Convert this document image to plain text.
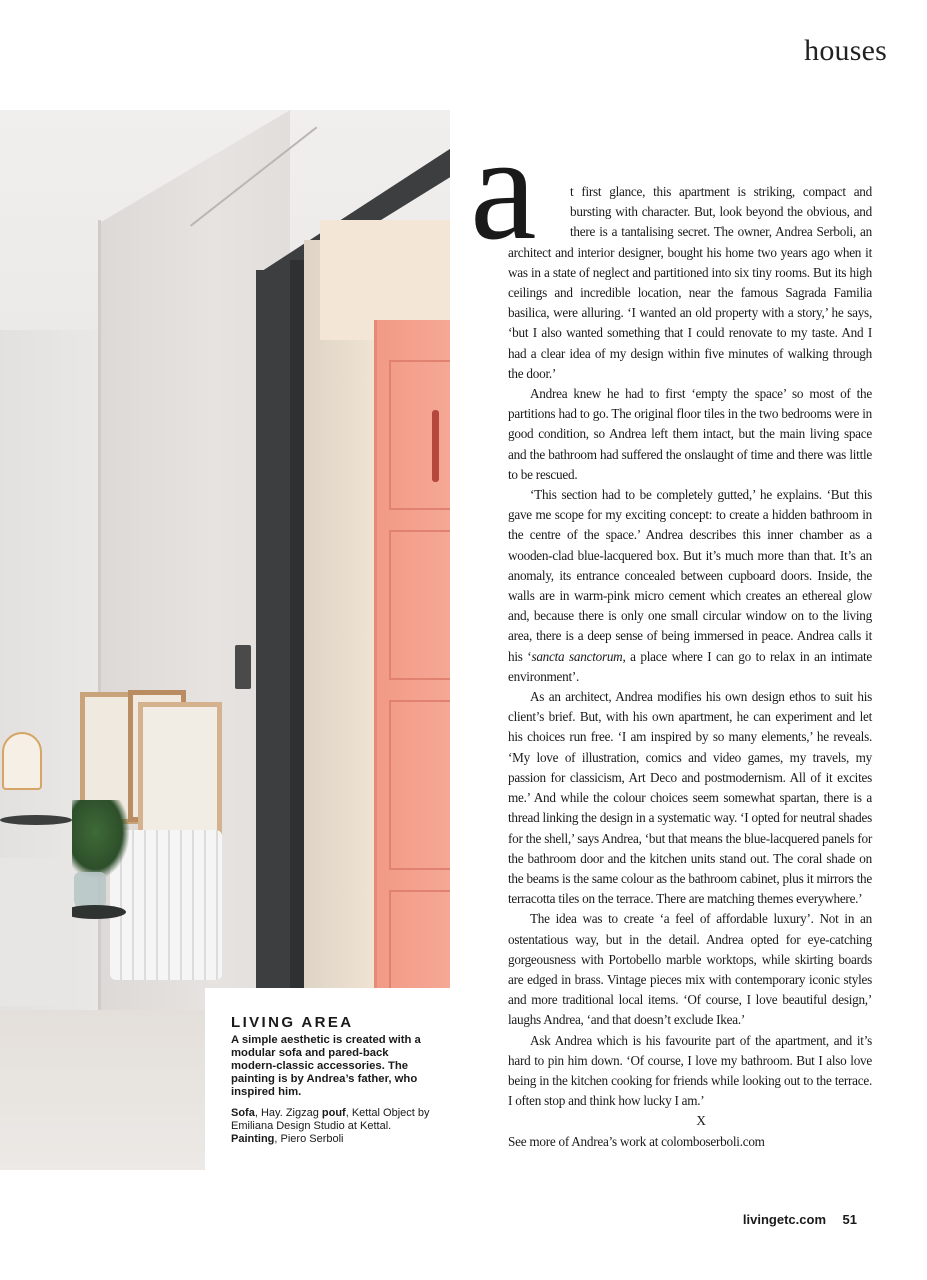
houses
LIVING AREA
A simple aesthetic is created with a modular sofa and pared-back modern-classic accessories. The painting is by Andrea’s father, who inspired him.
Sofa, Hay. Zigzag pouf, Kettal Object by Emiliana Design Studio at Kettal. Painting, Piero Serboli
a	t first glance, this apartment is striking, compact and bursting with character. But, look beyond the obvious, and there is a tantalising secret. The owner, Andrea Serboli, an architect and interior designer, bought his home two years ago when it was in a state of neglect and partitioned into six tiny rooms. But its high ceilings and incredible location, near the famous Sagrada Familia basilica, were alluring. ‘I wanted an old property with a story,’ he says, ‘but I also wanted something that I could renovate to my taste. And I had a clear idea of my design within five minutes of walking through the door.’

Andrea knew he had to first ‘empty the space’ so most of the partitions had to go. The original floor tiles in the two bedrooms were in good condition, so Andrea left them intact, but the main living space and the bathroom had suffered the onslaught of time and there was little to be rescued.

‘This section had to be completely gutted,’ he explains. ‘But this gave me scope for my exciting concept: to create a hidden bathroom in the centre of the space.’ Andrea describes this inner chamber as a wooden-clad blue-lacquered box. But it’s much more than that. It’s an anomaly, its entrance concealed between cupboard doors. Inside, the walls are in warm-pink micro cement which creates an ethereal glow and, because there is only one small circular window on to the living area, there is a deep sense of being immersed in peace. Andrea calls it his ‘sancta sanctorum, a place where I can go to relax in an intimate environment’.

As an architect, Andrea modifies his own design ethos to suit his client’s brief. But, with his own apartment, he can experiment and let his choices run free. ‘I am inspired by so many elements,’ he reveals. ‘My love of illustration, comics and video games, my travels, my passion for classicism, Art Deco and postmodernism. All of it excites me.’ And while the colour choices seem somewhat spartan, there is a thread linking the design in a systematic way. ‘I opted for neutral shades for the shell,’ says Andrea, ‘but that means the blue-lacquered panels for the bathroom door and the kitchen units stand out. The coral shade on the beams is the same colour as the bathroom cabinet, plus it mirrors the terracotta tiles on the terrace. There are matching themes everywhere.’

The idea was to create ‘a feel of affordable luxury’. Not in an ostentatious way, but in the detail. Andrea opted for eye-catching gorgeousness with Portobello marble worktops, while skirting boards are edged in brass. Vintage pieces mix with contemporary iconic styles and more traditional local items. ‘Of course, I love beautiful design,’ laughs Andrea, ‘and that doesn’t exclude Ikea.’

Ask Andrea which is his favourite part of the apartment, and it’s hard to pin him down. ‘Of course, I love my bathroom. But I also love being in the kitchen cooking for friends while looking out to the terrace. I often stop and think how lucky I am.’

X

See more of Andrea’s work at colomboserboli.com

livingetc.com 51
